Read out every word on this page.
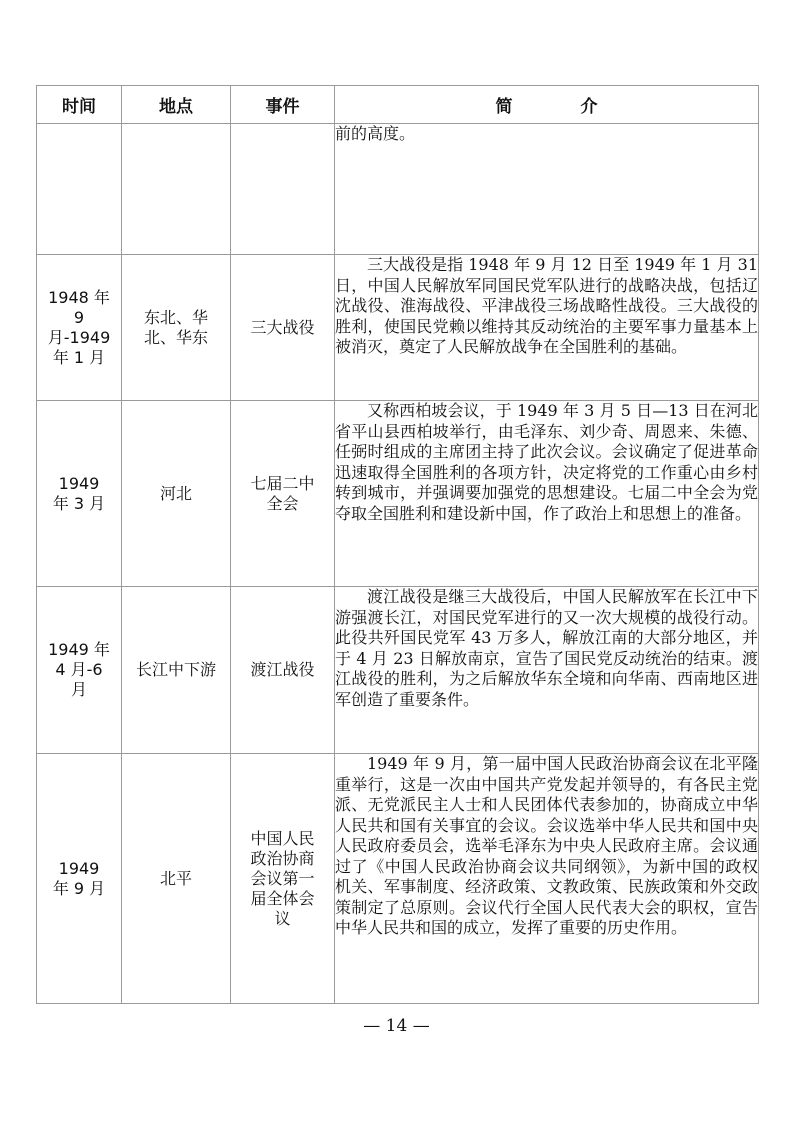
时间	地点	事件	简　　　　介

			前的高度。

1948 年 9 月-1949 年 1 月	东北、华北、华东	三大战役	三大战役是指 1948 年 9 月 12 日至 1949 年 1 月 31 日，中国人民解放军同国民党军队进行的战略决战，包括辽沈战役、淮海战役、平津战役三场战略性战役。三大战役的胜利，使国民党赖以维持其反动统治的主要军事力量基本上被消灭，奠定了人民解放战争在全国胜利的基础。

1949 年 3 月	河北	七届二中全会	又称西柏坡会议，于 1949 年 3 月 5 日—13 日在河北省平山县西柏坡举行，由毛泽东、刘少奇、周恩来、朱德、任弼时组成的主席团主持了此次会议。会议确定了促进革命迅速取得全国胜利的各项方针，决定将党的工作重心由乡村转到城市，并强调要加强党的思想建设。七届二中全会为党夺取全国胜利和建设新中国，作了政治上和思想上的准备。

1949 年 4 月-6 月	长江中下游	渡江战役	渡江战役是继三大战役后，中国人民解放军在长江中下游强渡长江，对国民党军进行的又一次大规模的战役行动。此役共歼国民党军 43 万多人，解放江南的大部分地区，并于 4 月 23 日解放南京，宣告了国民党反动统治的结束。渡江战役的胜利，为之后解放华东全境和向华南、西南地区进军创造了重要条件。

1949 年 9 月	北平	中国人民政治协商会议第一届全体会议	1949 年 9 月，第一届中国人民政治协商会议在北平隆重举行，这是一次由中国共产党发起并领导的，有各民主党派、无党派民主人士和人民团体代表参加的，协商成立中华人民共和国有关事宜的会议。会议选举中华人民共和国中央人民政府委员会，选举毛泽东为中央人民政府主席。会议通过了《中国人民政治协商会议共同纲领》，为新中国的政权机关、军事制度、经济政策、文教政策、民族政策和外交政策制定了总原则。会议代行全国人民代表大会的职权，宣告中华人民共和国的成立，发挥了重要的历史作用。
— 14 —
